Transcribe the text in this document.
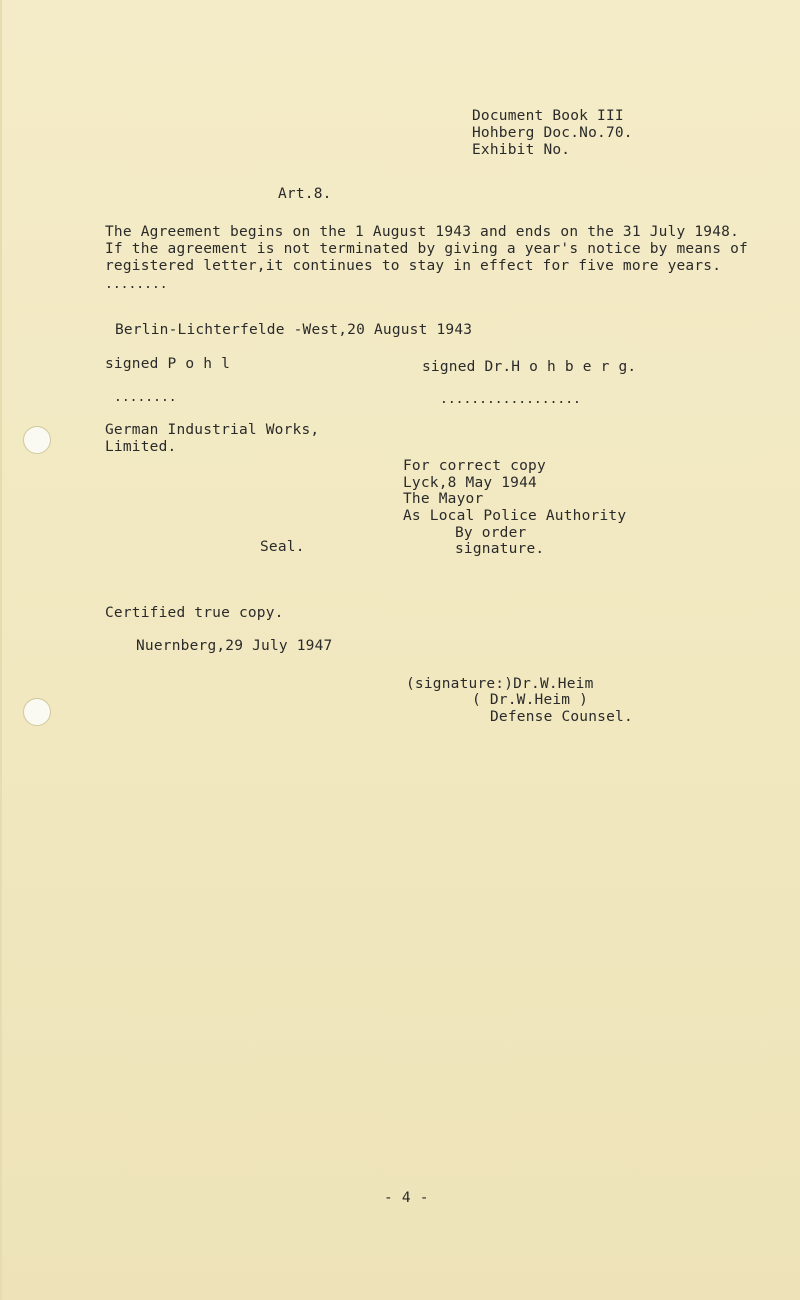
Document Book III
Hohberg Doc.No.70.
Exhibit No.
Art.8.
The Agreement begins on the 1 August 1943 and ends on the 31 July 1948.
If the agreement is not terminated by giving a year's notice by means of
registered letter,it continues to stay in effect for five more years.
........
Berlin-Lichterfelde -West,20 August 1943
signed P o h l	signed Dr.H o h b e r g.
........	..................
German Industrial Works,
Limited.
For correct copy
Lyck,8 May 1944
The Mayor
As Local Police Authority
By order
signature.
Seal.
Certified true copy.
Nuernberg,29 July 1947
(signature:)Dr.W.Heim
( Dr.W.Heim )
Defense Counsel.
- 4 -
